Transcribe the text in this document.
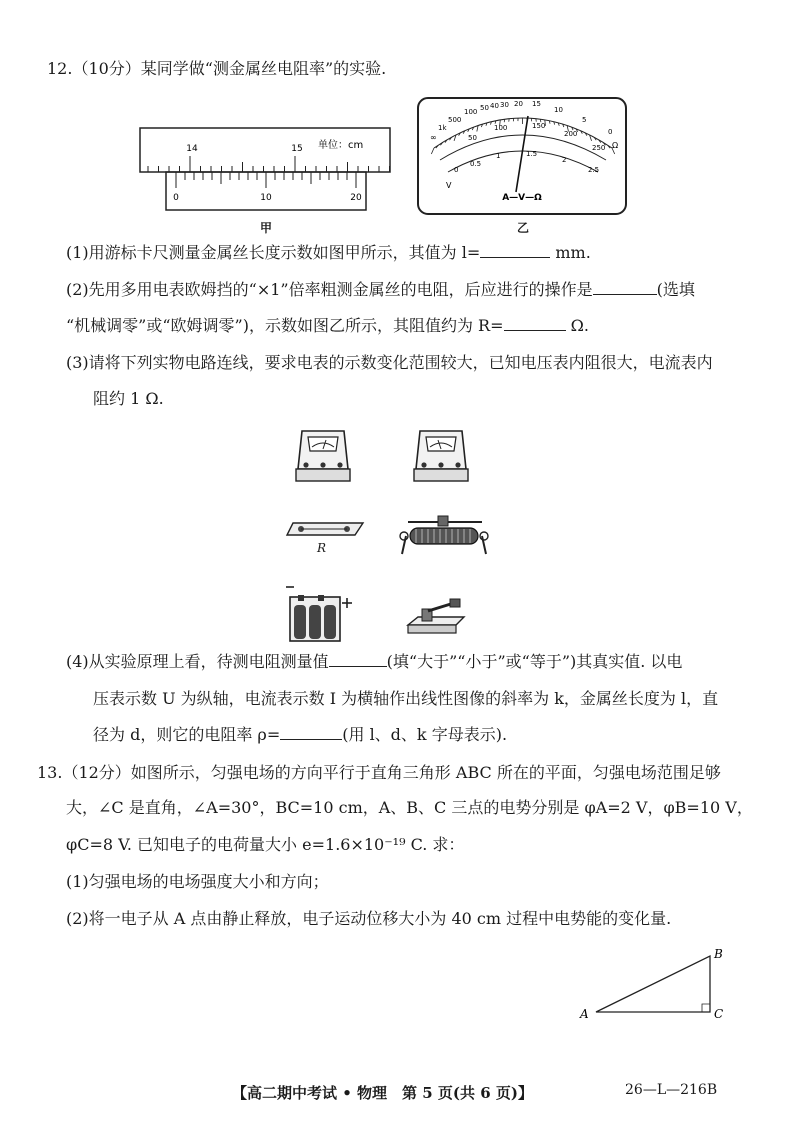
12.（10分）某同学做“测金属丝电阻率”的实验.
14	15 单位：cm
0	10	20
甲
∞
1k
500
100 50 40 30 20 15
10
5
0
Ω
50
100	150
200
250
0
0.5
1	1.5
2
2.5
V
A—V—Ω
乙
(1)用游标卡尺测量金属丝长度示数如图甲所示，其值为 l=	mm.
(2)先用多用电表欧姆挡的“×1”倍率粗测金属丝的电阻，后应进行的操作是	(选填
“机械调零”或“欧姆调零”)，示数如图乙所示，其阻值约为 R=	Ω.
(3)请将下列实物电路连线，要求电表的示数变化范围较大，已知电压表内阻很大，电流表内
阻约 1 Ω.
R
(4)从实验原理上看，待测电阻测量值	(填“大于”“小于”或“等于”)其真实值. 以电
压表示数 U 为纵轴，电流表示数 I 为横轴作出线性图像的斜率为 k，金属丝长度为 l，直
径为 d，则它的电阻率 ρ=	(用 l、d、k 字母表示).
13.（12分）如图所示，匀强电场的方向平行于直角三角形 ABC 所在的平面，匀强电场范围足够
大，∠C 是直角，∠A=30°，BC=10 cm，A、B、C 三点的电势分别是 φA=2 V，φB=10 V，
φC=8 V. 已知电子的电荷量大小 e=1.6×10⁻¹⁹ C. 求：
(1)匀强电场的电场强度大小和方向；
(2)将一电子从 A 点由静止释放，电子运动位移大小为 40 cm 过程中电势能的变化量.
A
B
C
【高二期中考试 • 物理　第 5 页(共 6 页)】	26—L—216B
